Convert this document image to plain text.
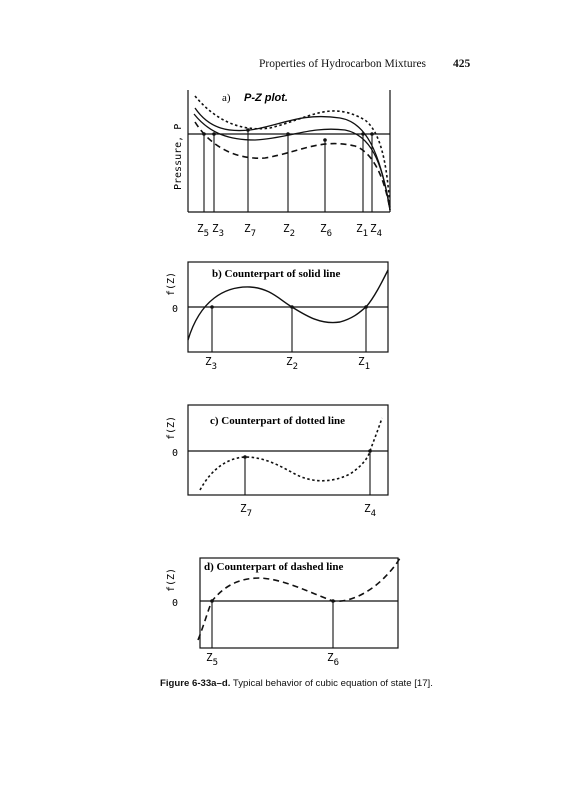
Properties of Hydrocarbon Mixtures 425
Pressure, P
a) P-Z plot.
$Z_5$ $Z_3$ $Z_7$ $Z_2$ $Z_6$ $Z_1$ $Z_4$
f(Z)
0
b) Counterpart of solid line
$Z_3$	$Z_2$	$Z_1$
f(Z)
0
c) Counterpart of dotted line
$Z_7$	$Z_4$
f(Z)
0
d) Counterpart of dashed line
$Z_5$	$Z_6$
Figure 6-33a–d. Typical behavior of cubic equation of state [17].
